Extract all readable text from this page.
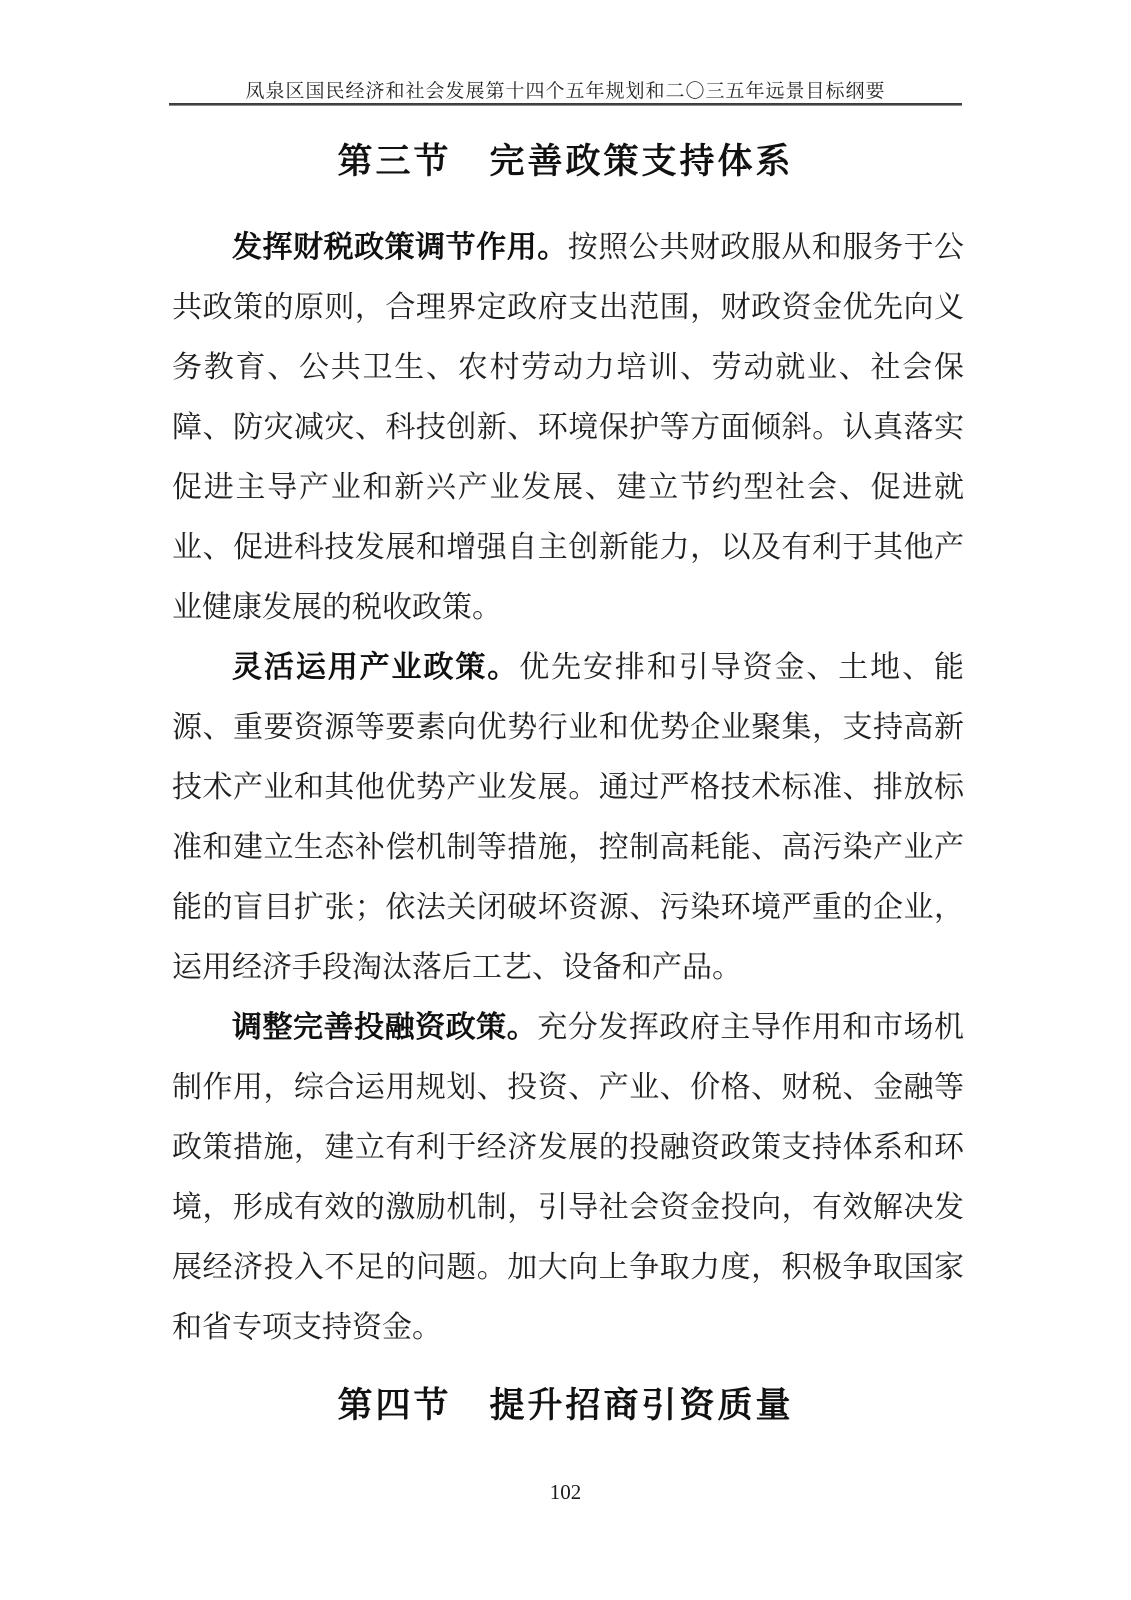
凤泉区国民经济和社会发展第十四个五年规划和二〇三五年远景目标纲要
第三节　完善政策支持体系

发挥财税政策调节作用。按照公共财政服从和服务于公共政策的原则，合理界定政府支出范围，财政资金优先向义务教育、公共卫生、农村劳动力培训、劳动就业、社会保障、防灾减灾、科技创新、环境保护等方面倾斜。认真落实促进主导产业和新兴产业发展、建立节约型社会、促进就业、促进科技发展和增强自主创新能力，以及有利于其他产业健康发展的税收政策。

灵活运用产业政策。优先安排和引导资金、土地、能源、重要资源等要素向优势行业和优势企业聚集，支持高新技术产业和其他优势产业发展。通过严格技术标准、排放标准和建立生态补偿机制等措施，控制高耗能、高污染产业产能的盲目扩张；依法关闭破坏资源、污染环境严重的企业，运用经济手段淘汰落后工艺、设备和产品。

调整完善投融资政策。充分发挥政府主导作用和市场机制作用，综合运用规划、投资、产业、价格、财税、金融等政策措施，建立有利于经济发展的投融资政策支持体系和环境，形成有效的激励机制，引导社会资金投向，有效解决发展经济投入不足的问题。加大向上争取力度，积极争取国家和省专项支持资金。

第四节　提升招商引资质量
102
